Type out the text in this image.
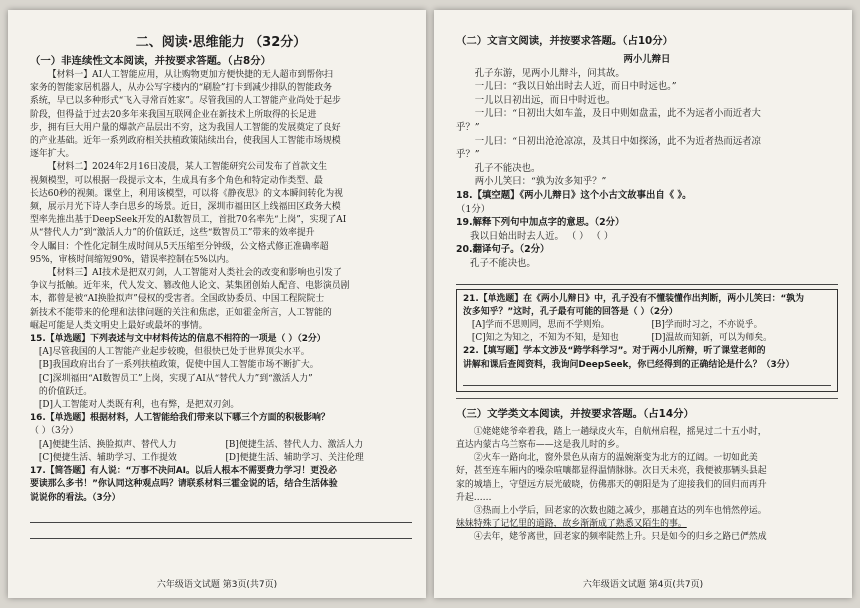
二、阅读·思维能力 （32分）

（一）非连续性文本阅读，并按要求答题。（占8分）

【材料一】AI人工智能应用，从让购物更加方便快捷的无人超市到帮你扫

家务的智能家居机器人，从办公写字楼内的“刷脸”打卡到减少排队的智能政务

系统，早已以多种形式“飞入寻常百姓家”。尽管我国的人工智能产业尚处于起步

阶段，但得益于过去20多年来我国互联网企业在新技术上所取得的长足进

步，拥有巨大用户量的爆款产品层出不穷，这为我国人工智能的发展奠定了良好

的产业基础。近年一系列政府相关扶植政策陆续出台，使我国人工智能市场规模

逐年扩大。

【材料二】2024年2月16日凌晨，某人工智能研究公司发布了首款文生

视频模型，可以根据一段提示文本，生成具有多个角色和特定动作类型、最

长达60秒的视频。课堂上，利用该模型，可以将《静夜思》的文本瞬间转化为视

频，展示月光下诗人李白思乡的场景。近日，深圳市福田区上线福田区政务大模

型率先推出基于DeepSeek开发的AI数智员工，首批70名率先“上岗”，实现了AI

从“替代人力”到“激活人力”的价值跃迁，这些“数智员工”带来的效率提升

令人瞩目：个性化定制生成时间从5天压缩至分钟级，公文格式修正准确率超

95%，审核时间缩短90%，错误率控制在5%以内。

【材料三】AI技术是把双刃剑，人工智能对人类社会的改变和影响也引发了

争议与抵触。近年来，代人发文、篡改他人论文、某集团创始人配音、电影演员剧

本，都曾是被“AI换脸拟声”侵权的受害者。全国政协委员、中国工程院院士

新技术不能带来的伦理和法律问题的关注和焦虑，正如霍金所言，人工智能的

崛起可能是人类文明史上最好或最坏的事情。

15.【单选题】下列表述与文中材料传达的信息不相符的一项是（ ）（2分）

[A]尽管我国的人工智能产业起步较晚，但很快已处于世界顶尖水平。

[B]我国政府出台了一系列扶植政策，促使中国人工智能市场不断扩大。

[C]深圳福田“AI数智员工”上岗，实现了AI从“替代人力”到“激活人力”

的价值跃迁。

[D]人工智能对人类既有利，也有弊，是把双刃剑。

16.【单选题】根据材料，人工智能给我们带来以下哪三个方面的积极影响？

（ ）（3分）

[A]便捷生活、换脸拟声、替代人力	[B]便捷生活、替代人力、激活人力
[C]便捷生活、辅助学习、工作提效	[D]便捷生活、辅助学习、关注伦理

17.【简答题】有人说：“万事不决问AI。以后人根本不需要费力学习！更没必

要读那么多书！”你认同这种观点吗？请联系材料三霍金说的话，结合生活体验

说说你的看法。（3分）

六年级语文试题 第3页(共7页)

（二）文言文阅读，并按要求答题。（占10分）

两小儿辩日

孔子东游，见两小儿辩斗，问其故。

一儿曰：“我以日始出时去人近，而日中时远也。”

一儿以日初出远，而日中时近也。

一儿曰：“日初出大如车盖，及日中则如盘盂，此不为远者小而近者大

乎？”

一儿曰：“日初出沧沧凉凉，及其日中如探汤，此不为近者热而远者凉

乎？”

孔子不能决也。

两小儿笑曰：“孰为汝多知乎？”

18.【填空题】《两小儿辩日》这个小古文故事出自《 》。

（1分）

19.解释下列句中加点字的意思。（2分）

我以日始出时去人近。 （ ） （ ）

20.翻译句子。（2分）

孔子不能决也。

21.【单选题】在《两小儿辩日》中，孔子没有不懂装懂作出判断，两小儿笑曰：“孰为

汝多知乎？”这时，孔子最有可能的回答是（ ）（2分）

[A]学而不思则罔，思而不学则殆。	[B]学而时习之，不亦说乎。
[C]知之为知之，不知为不知，是知也	[D]温故而知新，可以为师矣。

22.【填写题】学本文涉及“跨学科学习”。对于两小儿所辩，听了课堂老师的

讲解和课后查阅资料，我询问DeepSeek，你已经得到的正确结论是什么？（3分）

（三）文学类文本阅读，并按要求答题。（占14分）

①姥姥姥爷牵着我，踏上一趟绿皮火车，自航州启程，摇晃过二十五小时，

直达内蒙古乌兰察布——这是我儿时的乡。

②火车一路向北，窗外景色从南方的温婉渐变为北方的辽阔。一切如此美

好，甚至连车厢内的噪杂喧嚷都显得温情脉脉。次日天未亮，我便被那辆头县起

家的城墙上，守望远方辰光破晓，仿佛那天的朝阳是为了迎接我们的回归而再升

升起……

③热而上小学后，回老家的次数也随之减少，那趟直达的列车也悄然停运。

妹妹特殊了记忆里的道路，故乡渐渐成了熟悉又陌生的事。

④去年，姥爷离世，回老家的频率陡然上升。只是如今的归乡之路已俨然成

六年级语文试题 第4页(共7页)
